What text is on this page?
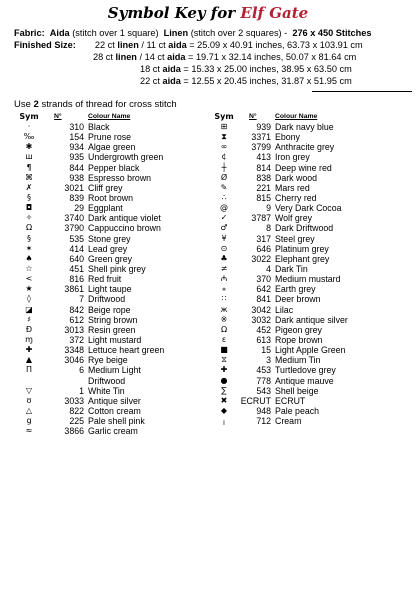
Symbol Key for Elf Gate
Fabric: Aida (stitch over 1 square) Linen (stitch over 2 squares) - 276 x 450 Stitches
Finished Size: 22 ct linen / 11 ct aida = 25.09 x 40.91 inches, 63.73 x 103.91 cm
28 ct linen / 14 ct aida = 19.71 x 32.14 inches, 50.07 x 81.64 cm
18 ct aida = 15.33 x 25.00 inches, 38.95 x 63.50 cm
22 ct aida = 12.55 x 20.45 inches, 31.87 x 51.95 cm
Use 2 strands of thread for cross stitch
Sym	N°	Colour Name
·	310 Black
‰	154 Prune rose
✱	934 Algae green
ш	935 Undergrowth green
¶	844 Pepper black
⌘	938 Espresso brown
✗	3021 Cliff grey
§	839 Root brown
◘	29 Eggplant
✧	3740 Dark antique violet
Ω	3790 Cappuccino brown
§	535 Stone grey
✶	414 Lead grey
♠	640 Green grey
☆	451 Shell pink grey
<	816 Red fruit
★	3861 Light taupe
◊	7 Driftwood
◪	842 Beige rope
♯	612 String brown
Ð	3013 Resin green
ɱ	372 Light mustard
✚	3348 Lettuce heart green
▲	3046 Rye beige
Π	6 Medium Light
Driftwood
▽	1 White Tin
ʊ	3033 Antique silver
△	822 Cotton cream
ց	225 Pale shell pink
≈	3866 Garlic cream
Sym	N°	Colour Name
⊞	939 Dark navy blue
⧗	3371 Ebony
∞	3799 Anthracite grey
¢	413 Iron grey
┼	814 Deep wine red
Ø	838 Dark wood
✎	221 Mars red
∴	815 Cherry red
@	9 Very Dark Cocoa
✓	3787 Wolf grey
♂	8 Dark Driftwood
¥	317 Steel grey
⊙	646 Platinum grey
♣	3022 Elephant grey
≠	4 Dark Tin
₼	370 Medium mustard
⁎	642 Earth grey
∷	841 Deer brown
ж	3042 Lilac
※	3032 Dark antique silver
Ω	452 Pigeon grey
ɛ	613 Rope brown
■	15 Light Apple Green
⧖	3 Medium Tin
✚	453 Turtledove grey
●	778 Antique mauve
∑	543 Shell beige
✖	ECRUT ECRUT
◆	948 Pale peach
╷	712 Cream
